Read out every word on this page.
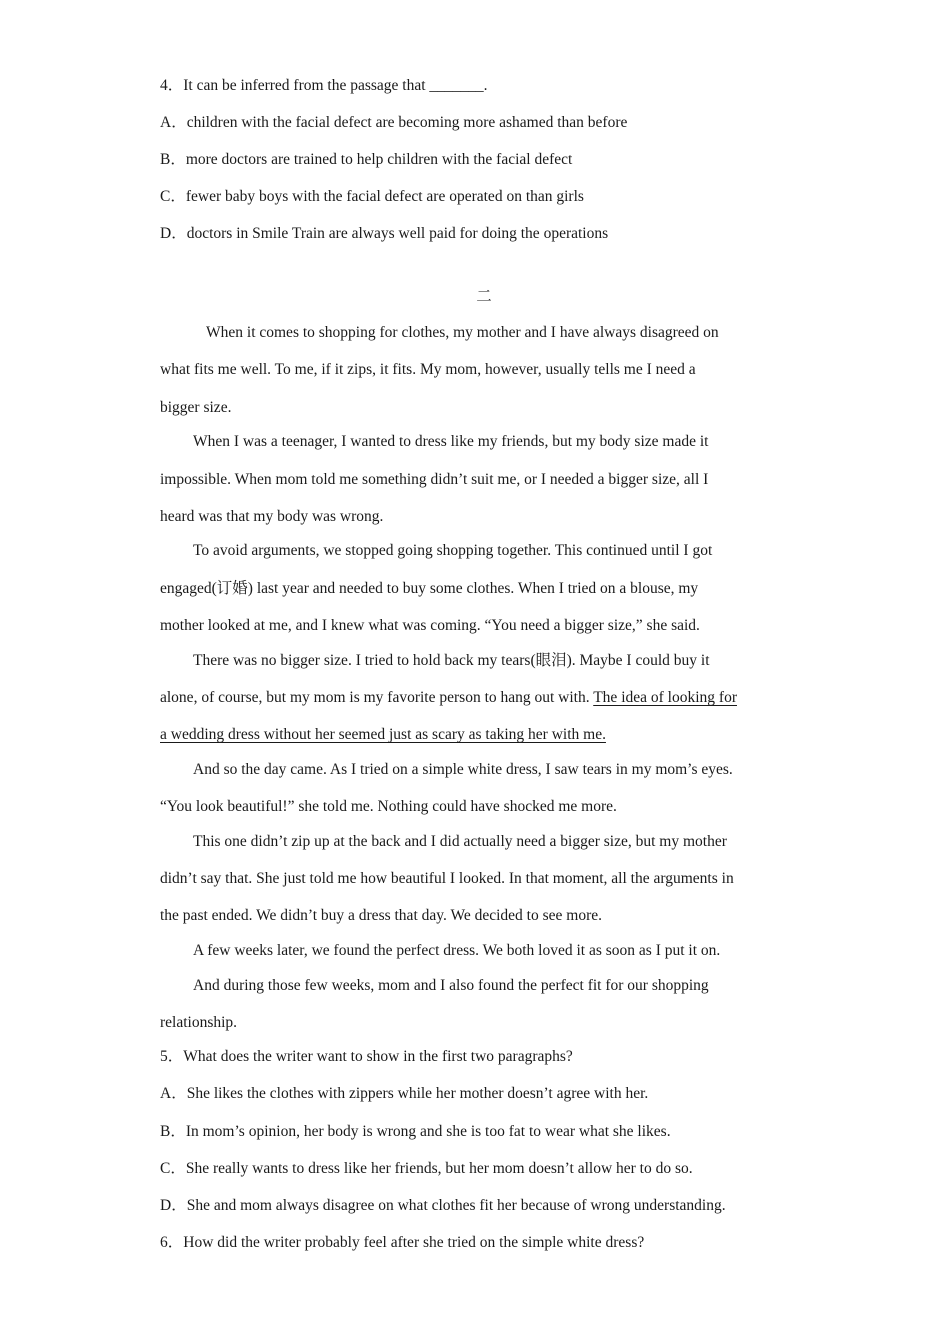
4．It can be inferred from the passage that _______.
A．children with the facial defect are becoming more ashamed than before
B．more doctors are trained to help children with the facial defect
C．fewer baby boys with the facial defect are operated on than girls
D．doctors in Smile Train are always well paid for doing the operations
二
When it comes to shopping for clothes, my mother and I have always disagreed on
what fits me well. To me, if it zips, it fits. My mom, however, usually tells me I need a
bigger size.
When I was a teenager, I wanted to dress like my friends, but my body size made it
impossible. When mom told me something didn’t suit me, or I needed a bigger size, all I
heard was that my body was wrong.
To avoid arguments, we stopped going shopping together. This continued until I got
engaged(订婚) last year and needed to buy some clothes. When I tried on a blouse, my
mother looked at me, and I knew what was coming. “You need a bigger size,” she said.
There was no bigger size. I tried to hold back my tears(眼泪). Maybe I could buy it
alone, of course, but my mom is my favorite person to hang out with. The idea of looking for
a wedding dress without her seemed just as scary as taking her with me.
And so the day came. As I tried on a simple white dress, I saw tears in my mom’s eyes.
“You look beautiful!” she told me. Nothing could have shocked me more.
This one didn’t zip up at the back and I did actually need a bigger size, but my mother
didn’t say that. She just told me how beautiful I looked. In that moment, all the arguments in
the past ended. We didn’t buy a dress that day. We decided to see more.
A few weeks later, we found the perfect dress. We both loved it as soon as I put it on.
And during those few weeks, mom and I also found the perfect fit for our shopping
relationship.
5．What does the writer want to show in the first two paragraphs?
A．She likes the clothes with zippers while her mother doesn’t agree with her.
B．In mom’s opinion, her body is wrong and she is too fat to wear what she likes.
C．She really wants to dress like her friends, but her mom doesn’t allow her to do so.
D．She and mom always disagree on what clothes fit her because of wrong understanding.
6．How did the writer probably feel after she tried on the simple white dress?
